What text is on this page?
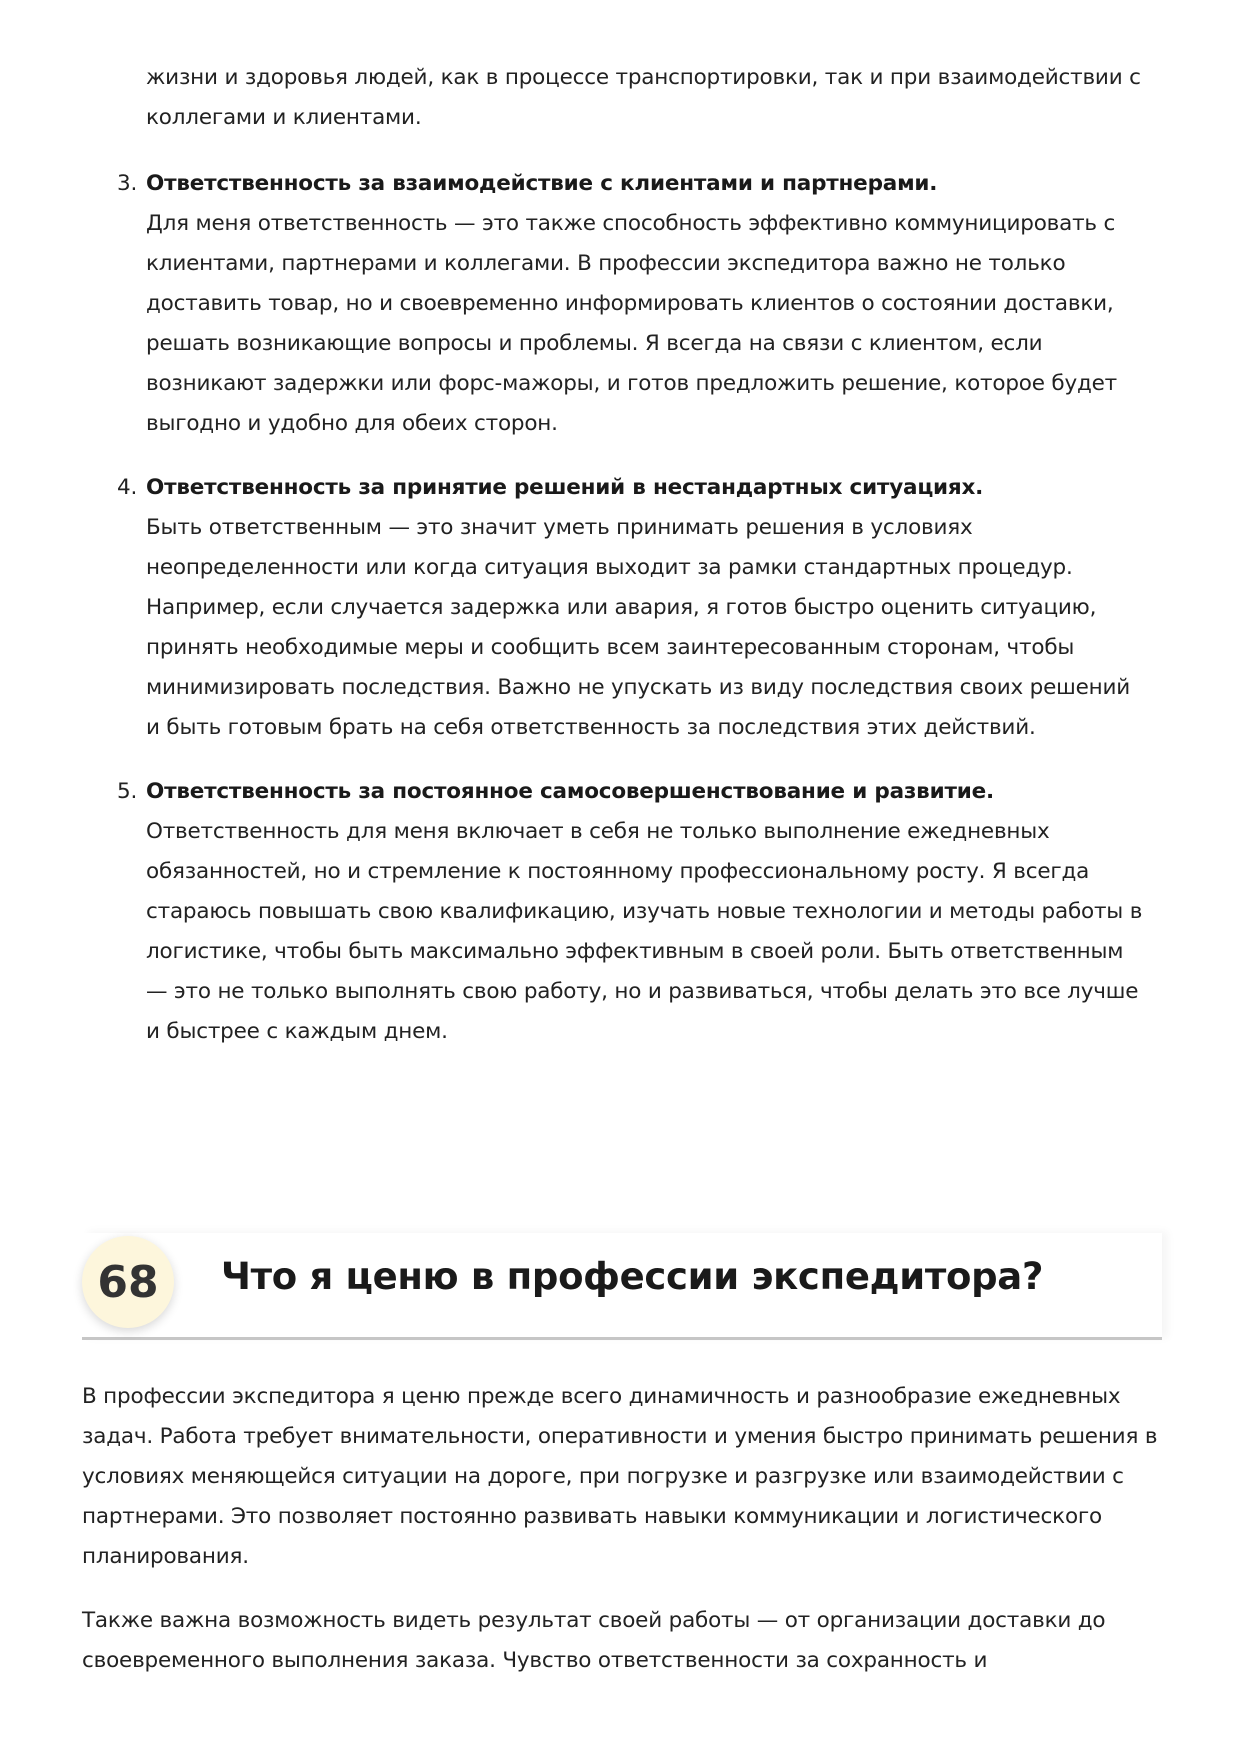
жизни и здоровья людей, как в процессе транспортировки, так и при взаимодействии с коллегами и клиентами.

3. Ответственность за взаимодействие с клиентами и партнерами.
Для меня ответственность — это также способность эффективно коммуницировать с клиентами, партнерами и коллегами. В профессии экспедитора важно не только доставить товар, но и своевременно информировать клиентов о состоянии доставки, решать возникающие вопросы и проблемы. Я всегда на связи с клиентом, если возникают задержки или форс-мажоры, и готов предложить решение, которое будет выгодно и удобно для обеих сторон.
4. Ответственность за принятие решений в нестандартных ситуациях.
Быть ответственным — это значит уметь принимать решения в условиях неопределенности или когда ситуация выходит за рамки стандартных процедур. Например, если случается задержка или авария, я готов быстро оценить ситуацию, принять необходимые меры и сообщить всем заинтересованным сторонам, чтобы минимизировать последствия. Важно не упускать из виду последствия своих решений и быть готовым брать на себя ответственность за последствия этих действий.
5. Ответственность за постоянное самосовершенствование и развитие.
Ответственность для меня включает в себя не только выполнение ежедневных обязанностей, но и стремление к постоянному профессиональному росту. Я всегда стараюсь повышать свою квалификацию, изучать новые технологии и методы работы в логистике, чтобы быть максимально эффективным в своей роли. Быть ответственным — это не только выполнять свою работу, но и развиваться, чтобы делать это все лучше и быстрее с каждым днем.
68	Что я ценю в профессии экспедитора?

В профессии экспедитора я ценю прежде всего динамичность и разнообразие ежедневных задач. Работа требует внимательности, оперативности и умения быстро принимать решения в условиях меняющейся ситуации на дороге, при погрузке и разгрузке или взаимодействии с партнерами. Это позволяет постоянно развивать навыки коммуникации и логистического планирования.

Также важна возможность видеть результат своей работы — от организации доставки до своевременного выполнения заказа. Чувство ответственности за сохранность и
